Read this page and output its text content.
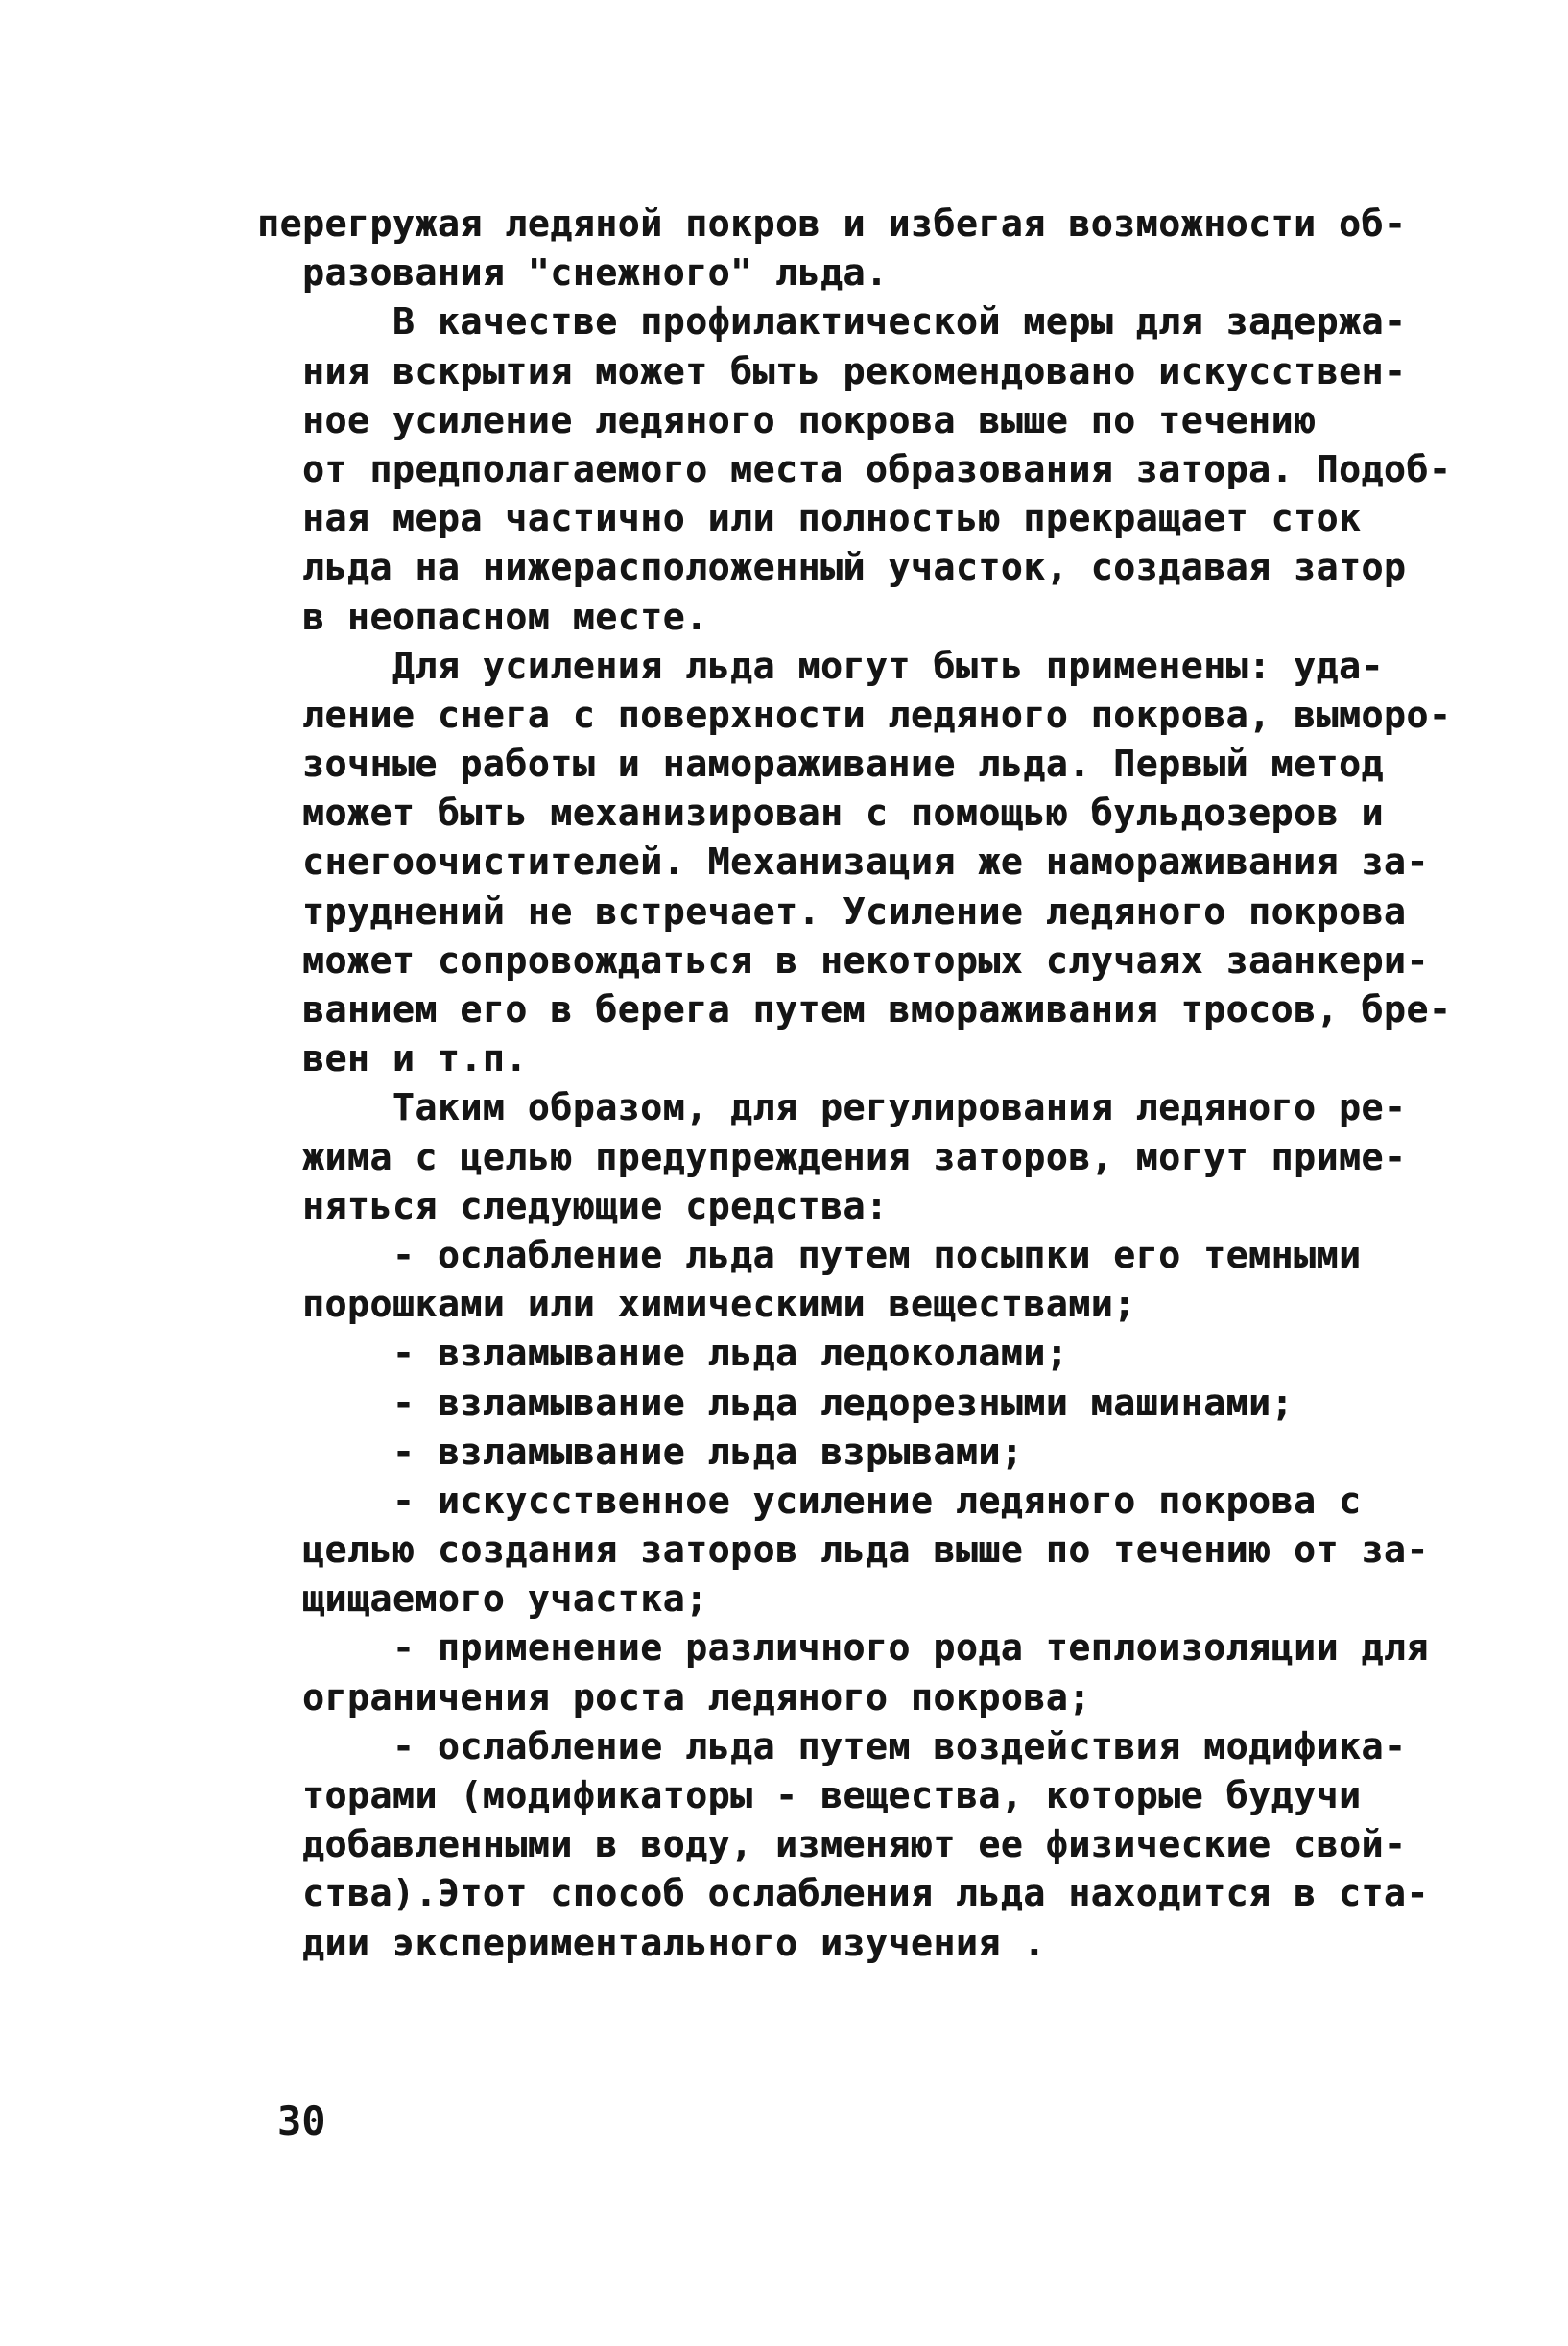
перегружая ледяной покров и избегая возможности об-
разования "снежного" льда.
В качестве профилактической меры для задержа-
ния вскрытия может быть рекомендовано искусствен-
ное усиление ледяного покрова выше по течению
от предполагаемого места образования затора. Подоб-
ная мера частично или полностью прекращает сток
льда на нижерасположенный участок, создавая затор
в неопасном месте.
Для усиления льда могут быть применены: уда-
ление снега с поверхности ледяного покрова, выморо-
зочные работы и намораживание льда. Первый метод
может быть механизирован с помощью бульдозеров и
снегоочистителей. Механизация же намораживания за-
труднений не встречает. Усиление ледяного покрова
может сопровождаться в некоторых случаях заанкери-
ванием его в берега путем вмораживания тросов, бре-
вен и т.п.
Таким образом, для регулирования ледяного ре-
жима с целью предупреждения заторов, могут приме-
няться следующие средства:
- ослабление льда путем посыпки его темными
порошками или химическими веществами;
- взламывание льда ледоколами;
- взламывание льда ледорезными машинами;
- взламывание льда взрывами;
- искусственное усиление ледяного покрова с
целью создания заторов льда выше по течению от за-
щищаемого участка;
- применение различного рода теплоизоляции для
ограничения роста ледяного покрова;
- ослабление льда путем воздействия модифика-
торами (модификаторы - вещества, которые будучи
добавленными в воду, изменяют ее физические свой-
ства).Этот способ ослабления льда находится в ста-
дии экспериментального изучения .
30
